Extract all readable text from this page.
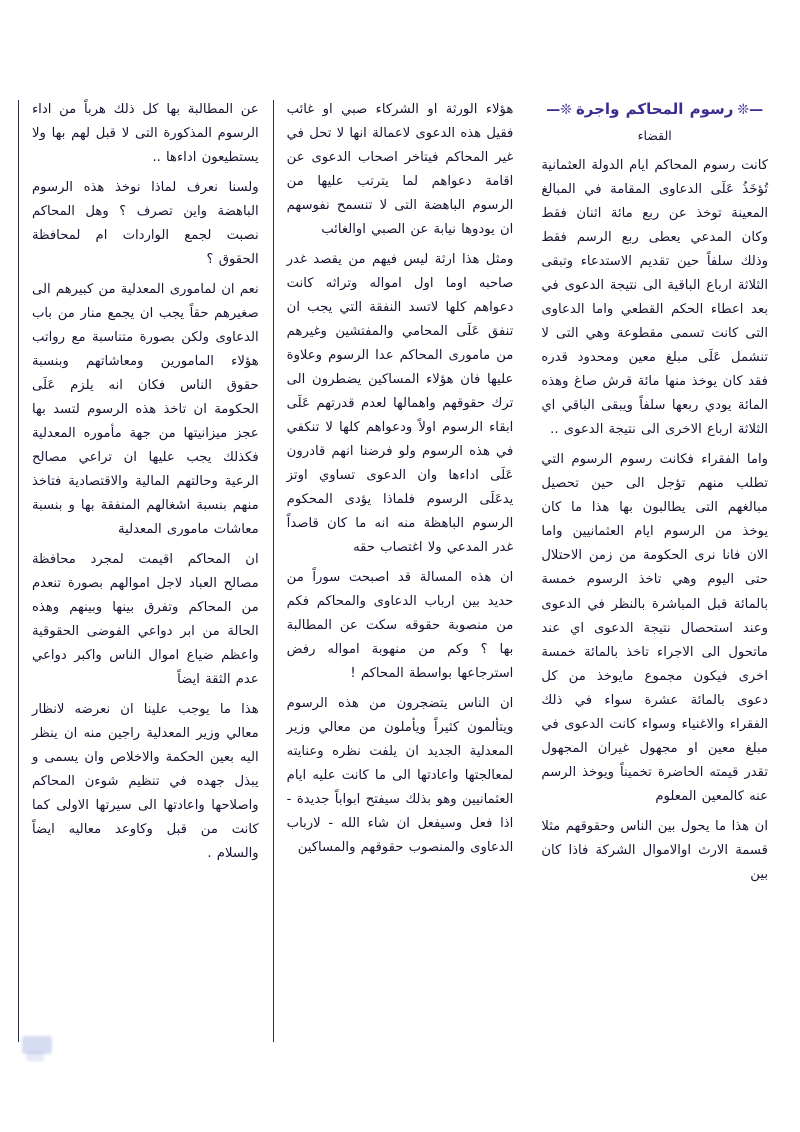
—❊رسوم المحاكم واجرة❊—
القضاء

كانت رسوم المحاكم ايام الدولة العثمانية تُؤخَذُ عَلَى الدعاوى المقامة في المبالغ المعينة توخذ عن ربع مائة اثنان فقط وكان المدعي يعطى ربع الرسم فقط وذلك سلفاً حين تقديم الاستدعاء وتبقى الثلاثة ارباع الباقية الى نتيجة الدعوى في بعد اعطاء الحكم القطعي واما الدعاوى التى كانت تسمى مقطوعة وهي التى لا تنشمل عَلَى مبلغ معين ومحدود قدره فقد كان يوخذ منها مائة قرش صاغ وهذه المائة يودي ربعها سلفاً ويبقى الباقي اي الثلاثة ارباع الاخرى الى نتيجة الدعوى ..

واما الفقراء فكانت رسوم الرسوم التي تطلب منهم تؤجل الى حين تحصيل مبالغهم التى يطالبون بها هذا ما كان يوخذ من الرسوم ايام العثمانيين واما الان فانا نرى الحكومة من زمن الاحتلال حتى اليوم وهي تاخذ الرسوم خمسة بالمائة قبل المباشرة بالنظر في الدعوى وعند استحصال نتيجة الدعوى اي عند ماتحول الى الاجراء تاخذ بالمائة خمسة اخرى فيكون مجموع مايوخذ من كل دعوى بالمائة عشرة سواء في ذلك الفقراء والاغنياء وسواء كانت الدعوى في مبلغ معين او مجهول غيران المجهول تقدر قيمته الحاضرة تخميناً ويوخذ الرسم عنه كالمعين المعلوم

ان هذا ما يحول بين الناس وحقوقهم مثلا قسمة الارث اوالاموال الشركة فاذا كان بين

هؤلاء الورثة او الشركاء صبي او غائب فقيل هذه الدعوى لاعمالة انها لا تحل في غير المحاكم فيتاخر اصحاب الدعوى عن اقامة دعواهم لما يترتب عليها من الرسوم الباهضة التى لا تنسمح نفوسهم ان يودوها نيابة عن الصبي اوالغائب

ومثل هذا ارثة ليس فيهم من يقصد غدر صاحبه اوما اول امواله وتراثه كانت دعواهم كلها لاتسد النفقة التي يجب ان تنفق عَلَى المحامي والمفتشين وغيرهم من مامورى المحاكم عدا الرسوم وعلاوة عليها فان هؤلاء المساكين يضطرون الى ترك حقوقهم واهمالها لعدم قدرتهم عَلَى ابقاء الرسوم اولاً ودعواهم كلها لا تنكفي في هذه الرسوم ولو فرضنا انهم قادرون عَلَى اداءها وان الدعوى تساوي اوتز يدعَلَى الرسوم فلماذا يؤدى المحكوم الرسوم الباهظة منه انه ما كان قاصداً غدر المدعي ولا اغتصاب حقه

ان هذه المسالة قد اصبحت سوراً من حديد بين ارباب الدعاوى والمحاكم فكم من منصوبة حقوقه سكت عن المطالبة بها ؟ وكم من منهوبة امواله رفض استرجاعها بواسطة المحاكم !

ان الناس يتضجرون من هذه الرسوم ويتألمون كثيراً ويأملون من معالي وزير المعدلية الجديد ان يلفت نظره وعنايته لمعالجتها واعادتها الى ما كانت عليه ايام العثمانيين وهو بذلك سيفتح ابواباً جديدة - اذا فعل وسيفعل ان شاء الله - لارباب الدعاوى والمنصوب حقوقهم والمساكين

عن المطالبة بها كل ذلك هرباً من اداء الرسوم المذكورة التى لا قبل لهم بها ولا يستطيعون اداءها ..

ولسنا نعرف لماذا نوخذ هذه الرسوم الباهضة واين تصرف ؟ وهل المحاكم نصبت لجمع الواردات ام لمحافظة الحقوق ؟

نعم ان لمامورى المعدلية من كبيرهم الى صغيرهم حقاً يجب ان يجمع منار من باب الدعاوى ولكن بصورة متناسبة مع رواتب هؤلاء المامورين ومعاشاتهم وبنسبة حقوق الناس فكان انه يلزم عَلَى الحكومة ان تاخذ هذه الرسوم لتسد بها عجز ميزانيتها من جهة مأموره المعدلية فكذلك يجب عليها ان تراعي مصالح الرعية وحالتهم المالية والاقتصادية فتاخذ منهم بنسبة اشغالهم المنفقة بها و بنسبة معاشات مامورى المعدلية

ان المحاكم اقيمت لمجرد محافظة مصالح العباد لاجل اموالهم بصورة تنعدم من المحاكم وتفرق بينها وبينهم وهذه الحالة من ابر دواعي الفوضى الحقوقية واعظم ضياع اموال الناس واكبر دواعي عدم الثقة ايضاً

هذا ما يوجب علينا ان نعرضه لانظار معالي وزير المعدلية راجين منه ان ينظر اليه بعين الحكمة والاخلاص وان يسمى و يبذل جهده في تنظيم شوءن المحاكم واصلاحها واعادتها الى سيرتها الاولى كما كانت من قبل وكاوعد معاليه ايضاً والسلام .
